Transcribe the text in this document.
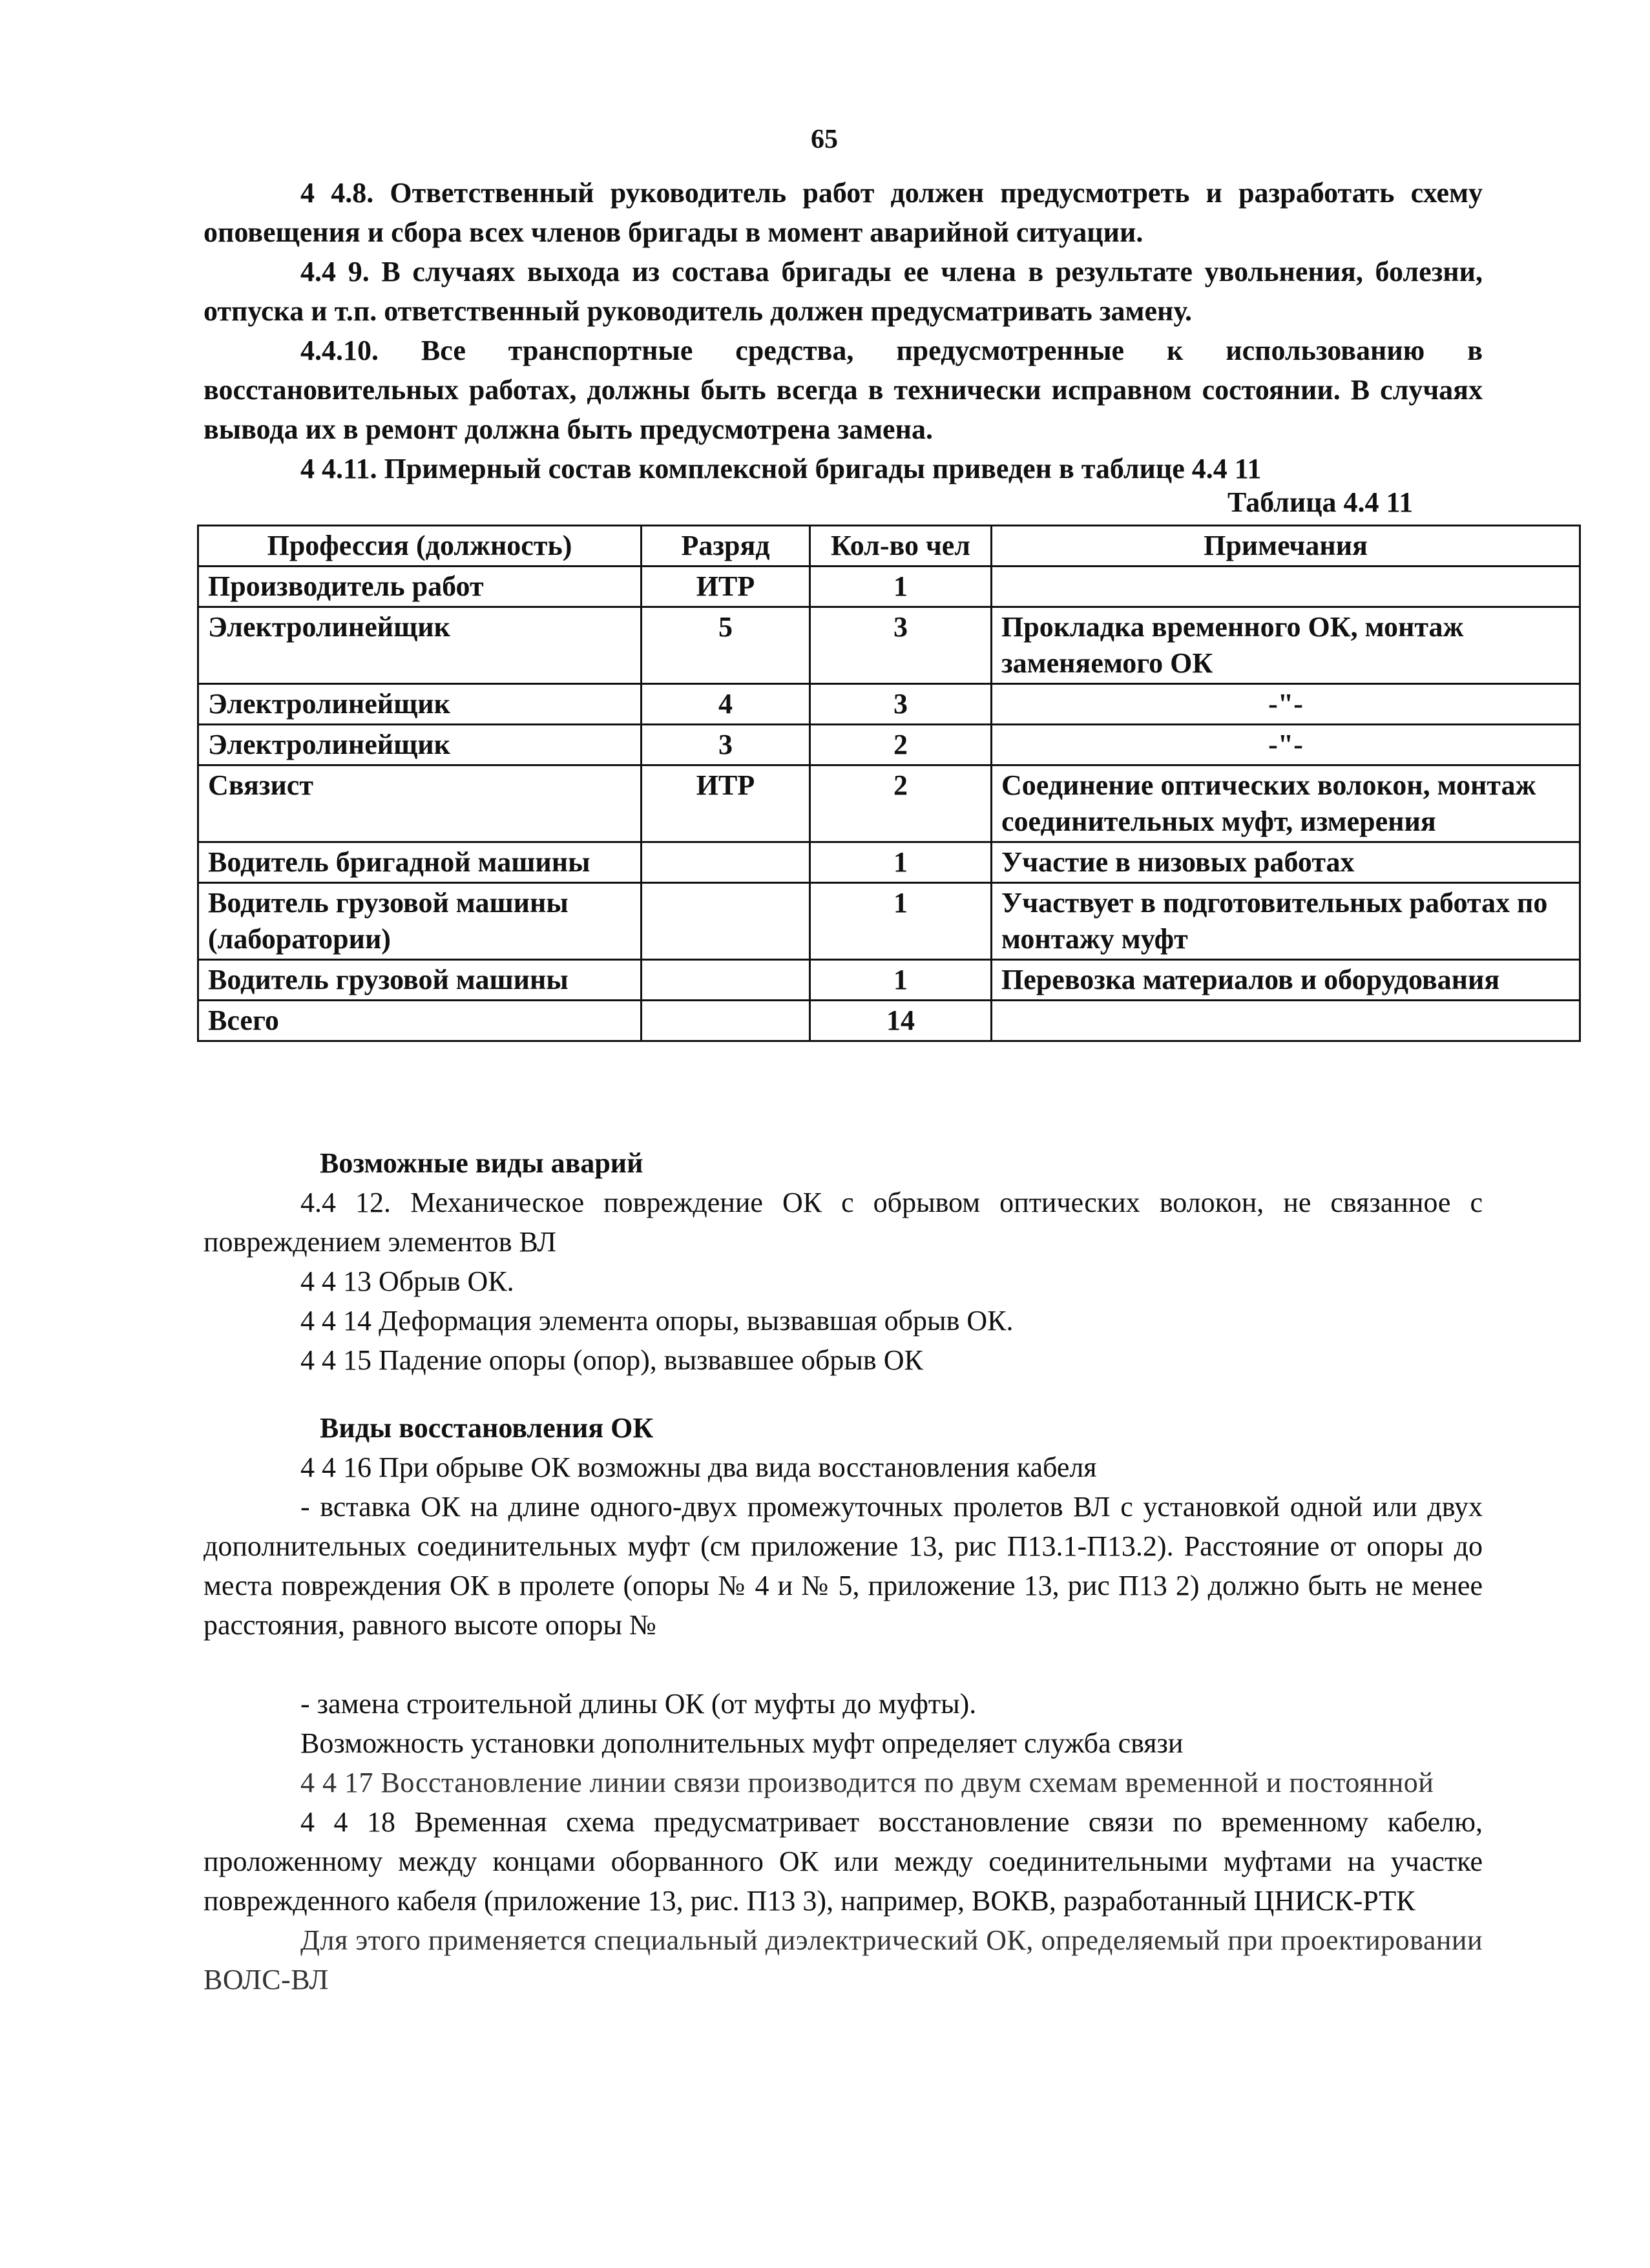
65

4 4.8. Ответственный руководитель работ должен предусмотреть и разработать схему оповещения и сбора всех членов бригады в момент аварийной ситуации.

4.4 9. В случаях выхода из состава бригады ее члена в результате увольнения, болезни, отпуска и т.п. ответственный руководитель должен предусматривать замену.

4.4.10. Все транспортные средства, предусмотренные к использованию в восстановительных работах, должны быть всегда в технически исправном состоянии. В случаях вывода их в ремонт должна быть предусмотрена замена.

4 4.11. Примерный состав комплексной бригады приведен в таблице 4.4 11

Таблица 4.4 11
Профессия (должность)	Разряд	Кол-во чел	Примечания
Производитель работ	ИТР	1	
Электролинейщик	5	3	Прокладка временного ОК, монтаж заменяемого ОК
Электролинейщик	4	3	-"-
Электролинейщик	3	2	-"-
Связист	ИТР	2	Соединение оптических волокон, монтаж соединительных муфт, измерения
Водитель бригадной машины		1	Участие в низовых работах
Водитель грузовой машины (лаборатории)		1	Участвует в подготовительных работах по монтажу муфт
Водитель грузовой машины		1	Перевозка материалов и оборудования
Всего		14	

Возможные виды аварий

4.4 12. Механическое повреждение ОК с обрывом оптических волокон, не связанное с повреждением элементов ВЛ

4 4 13 Обрыв ОК.

4 4 14 Деформация элемента опоры, вызвавшая обрыв ОК.

4 4 15 Падение опоры (опор), вызвавшее обрыв ОК

Виды восстановления ОК

4 4 16 При обрыве ОК возможны два вида восстановления кабеля

- вставка ОК на длине одного-двух промежуточных пролетов ВЛ с установкой одной или двух дополнительных соединительных муфт (см приложение 13, рис П13.1-П13.2). Расстояние от опоры до места повреждения ОК в пролете (опоры № 4 и № 5, приложение 13, рис П13 2) должно быть не менее расстояния, равного высоте опоры №

- замена строительной длины ОК (от муфты до муфты).

Возможность установки дополнительных муфт определяет служба связи

4 4 17 Восстановление линии связи производится по двум схемам временной и постоянной

4 4 18 Временная схема предусматривает восстановление связи по временному кабелю, проложенному между концами оборванного ОК или между соединительными муфтами на участке поврежденного кабеля (приложение 13, рис. П13 3), например, ВОКВ, разработанный ЦНИСК-РТК

Для этого применяется специальный диэлектрический ОК, определяемый при проектировании ВОЛС-ВЛ
